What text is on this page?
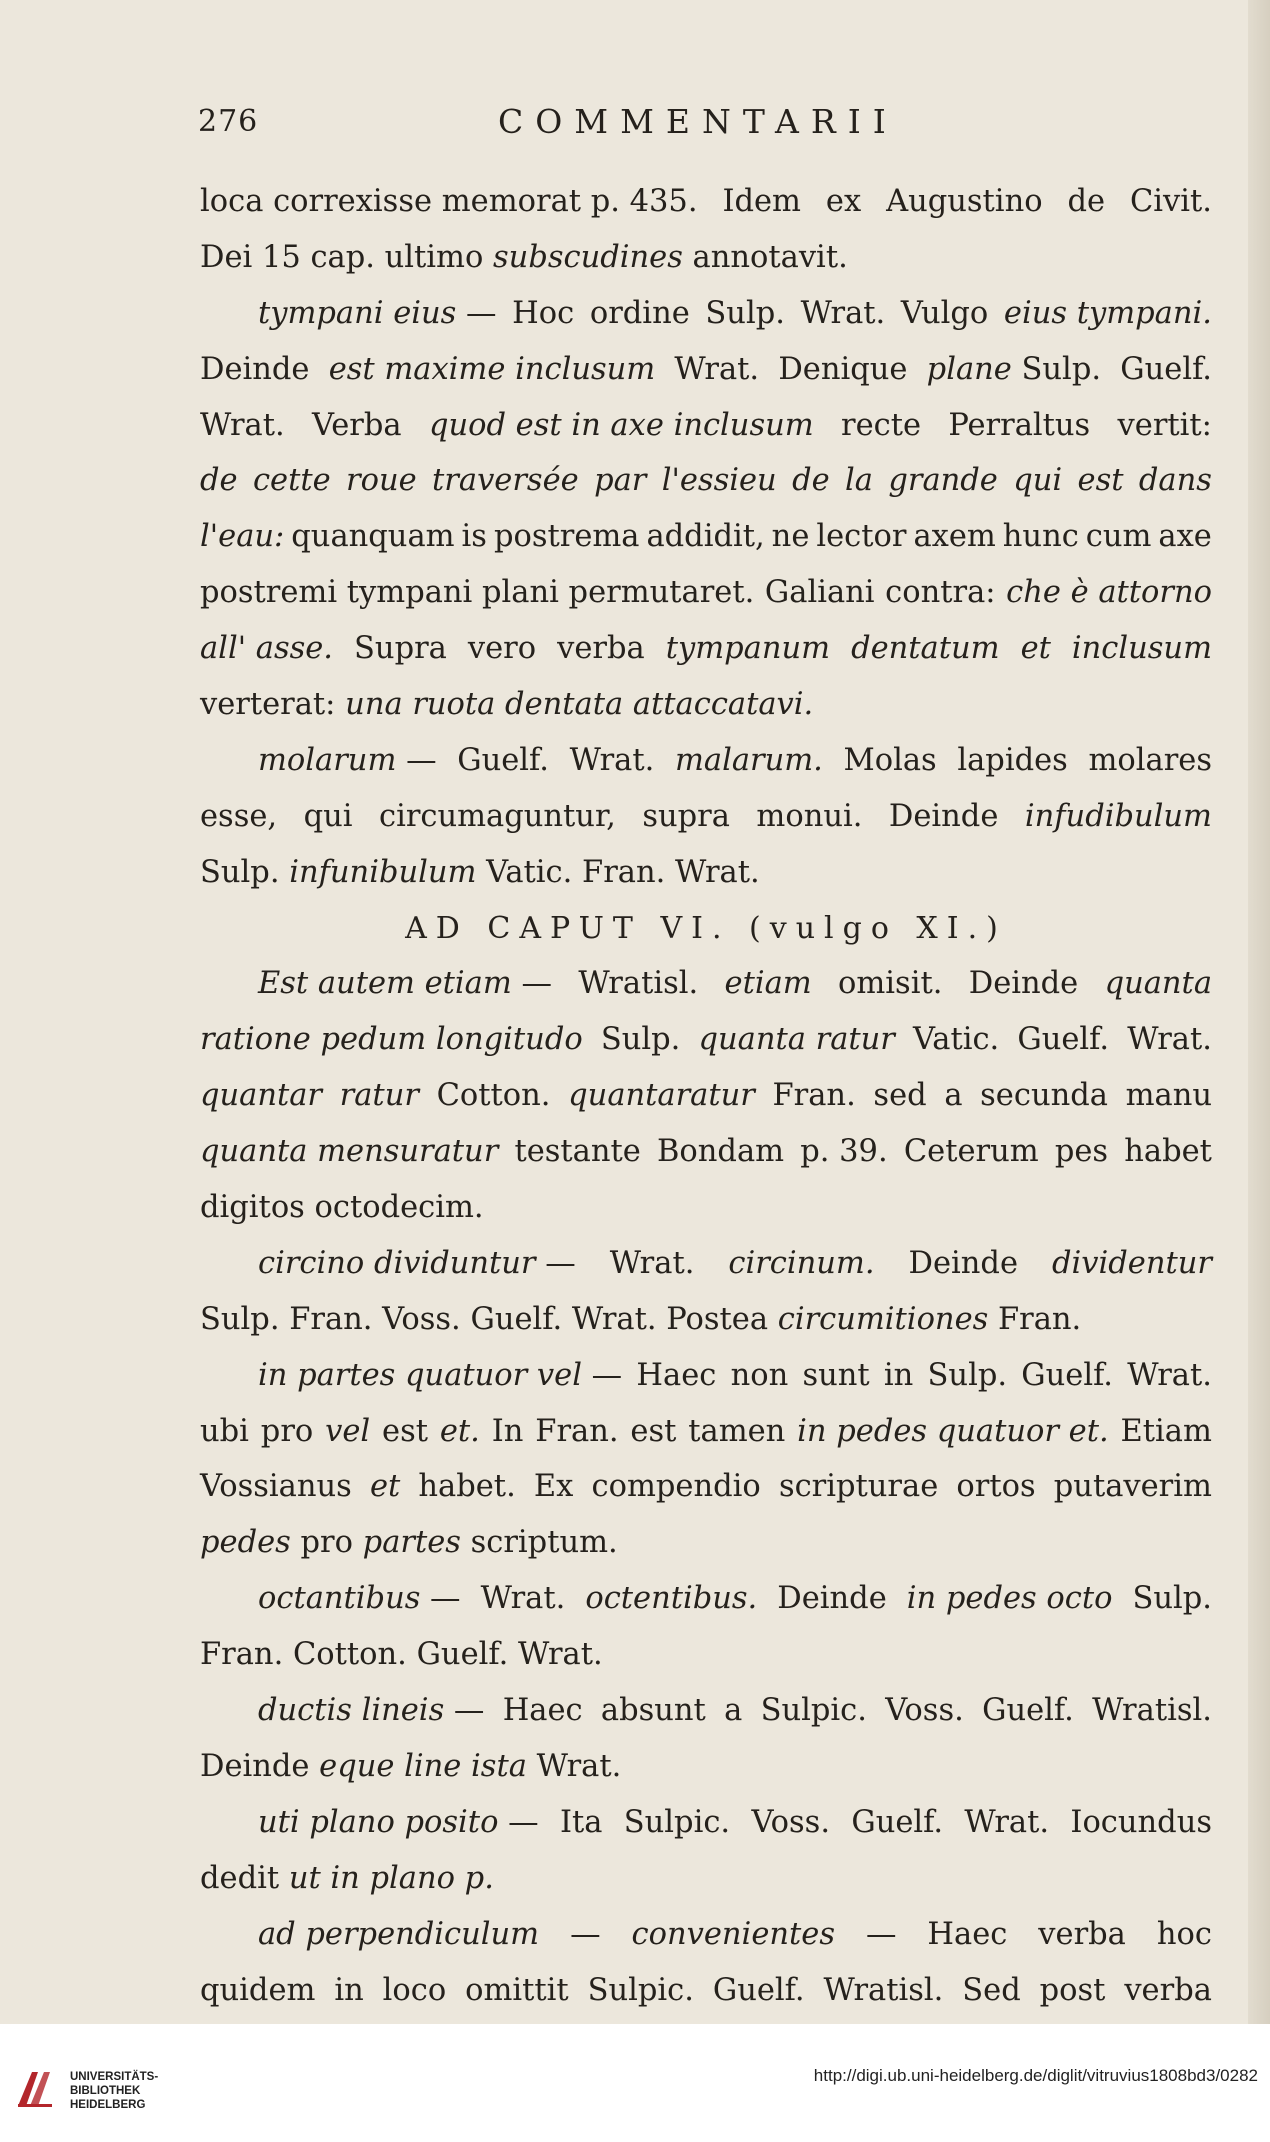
276	COMMENTARII
loca correxisse memorat p. 435. Idem ex Augustino de Civit.
Dei 15 cap. ultimo subscudines annotavit.
tympani eius — Hoc ordine Sulp. Wrat. Vulgo eius tympani.
Deinde est maxime inclusum Wrat. Denique plane Sulp. Guelf.
Wrat. Verba quod est in axe inclusum recte Perraltus vertit:
de cette roue traversée par l'essieu de la grande qui est dans
l'eau: quanquam is postrema addidit, ne lector axem hunc cum axe
postremi tympani plani permutaret. Galiani contra: che è attorno
all' asse. Supra vero verba tympanum dentatum et inclusum
verterat: una ruota dentata attaccatavi.
molarum — Guelf. Wrat. malarum. Molas lapides molares
esse, qui circumaguntur, supra monui. Deinde infudibulum
Sulp. infunibulum Vatic. Fran. Wrat.
AD CAPUT VI. (vulgo XI.)
Est autem etiam — Wratisl. etiam omisit. Deinde quanta
ratione pedum longitudo Sulp. quanta ratur Vatic. Guelf. Wrat.
quantar ratur Cotton. quantaratur Fran. sed a secunda manu
quanta mensuratur testante Bondam p. 39. Ceterum pes habet
digitos octodecim.
circino dividuntur — Wrat. circinum. Deinde dividentur
Sulp. Fran. Voss. Guelf. Wrat. Postea circumitiones Fran.
in partes quatuor vel — Haec non sunt in Sulp. Guelf. Wrat.
ubi pro vel est et. In Fran. est tamen in pedes quatuor et. Etiam
Vossianus et habet. Ex compendio scripturae ortos putaverim
pedes pro partes scriptum.
octantibus — Wrat. octentibus. Deinde in pedes octo Sulp.
Fran. Cotton. Guelf. Wrat.
ductis lineis — Haec absunt a Sulpic. Voss. Guelf. Wratisl.
Deinde eque line ista Wrat.
uti plano posito — Ita Sulpic. Voss. Guelf. Wrat. Iocundus
dedit ut in plano p.
ad perpendiculum — convenientes — Haec verba hoc
quidem in loco omittit Sulpic. Guelf. Wratisl. Sed post verba
UNIVERSITÄTS-
BIBLIOTHEK
HEIDELBERG
http://digi.ub.uni-heidelberg.de/diglit/vitruvius1808bd3/0282
